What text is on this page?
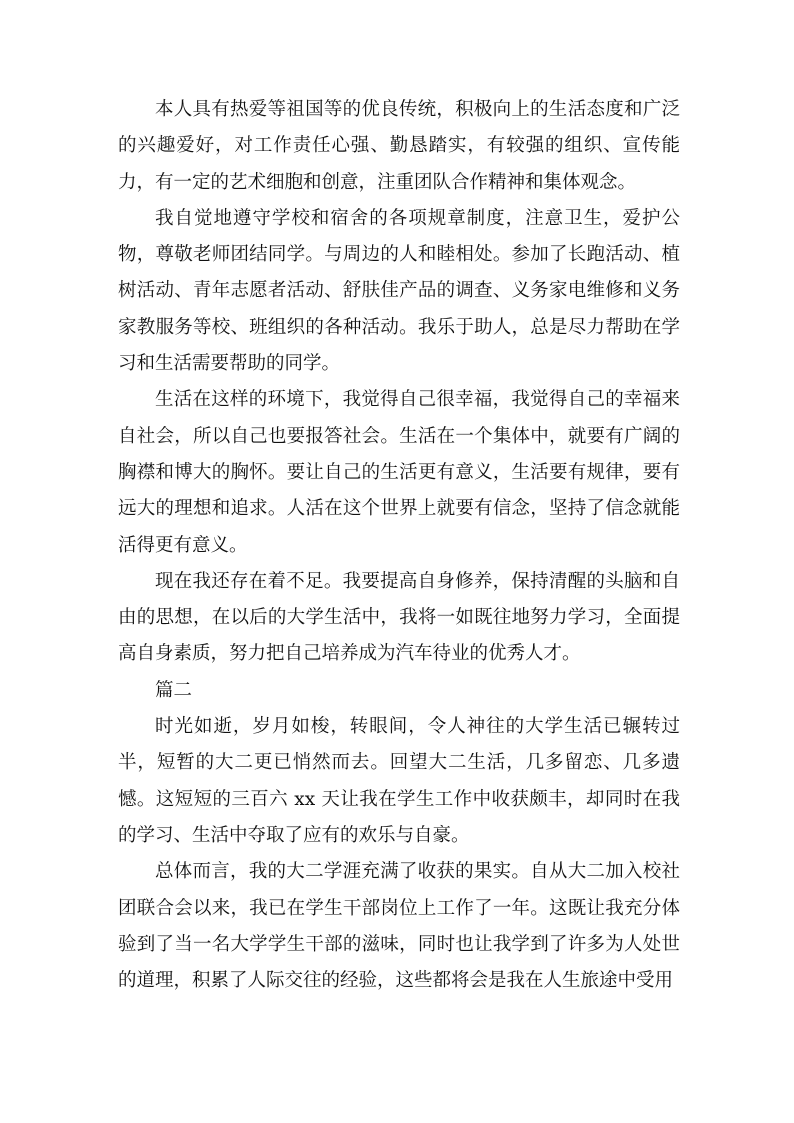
本人具有热爱等祖国等的优良传统，积极向上的生活态度和广泛的兴趣爱好，对工作责任心强、勤恳踏实，有较强的组织、宣传能力，有一定的艺术细胞和创意，注重团队合作精神和集体观念。

我自觉地遵守学校和宿舍的各项规章制度，注意卫生，爱护公物，尊敬老师团结同学。与周边的人和睦相处。参加了长跑活动、植树活动、青年志愿者活动、舒肤佳产品的调查、义务家电维修和义务家教服务等校、班组织的各种活动。我乐于助人，总是尽力帮助在学习和生活需要帮助的同学。

生活在这样的环境下，我觉得自己很幸福，我觉得自己的幸福来自社会，所以自己也要报答社会。生活在一个集体中，就要有广阔的胸襟和博大的胸怀。要让自己的生活更有意义，生活要有规律，要有远大的理想和追求。人活在这个世界上就要有信念，坚持了信念就能活得更有意义。

现在我还存在着不足。我要提高自身修养，保持清醒的头脑和自由的思想，在以后的大学生活中，我将一如既往地努力学习，全面提高自身素质，努力把自己培养成为汽车待业的优秀人才。

篇二

时光如逝，岁月如梭，转眼间，令人神往的大学生活已辗转过半，短暂的大二更已悄然而去。回望大二生活，几多留恋、几多遗憾。这短短的三百六 xx 天让我在学生工作中收获颇丰，却同时在我的学习、生活中夺取了应有的欢乐与自豪。

总体而言，我的大二学涯充满了收获的果实。自从大二加入校社团联合会以来，我已在学生干部岗位上工作了一年。这既让我充分体验到了当一名大学学生干部的滋味，同时也让我学到了许多为人处世的道理，积累了人际交往的经验，这些都将会是我在人生旅途中受用
